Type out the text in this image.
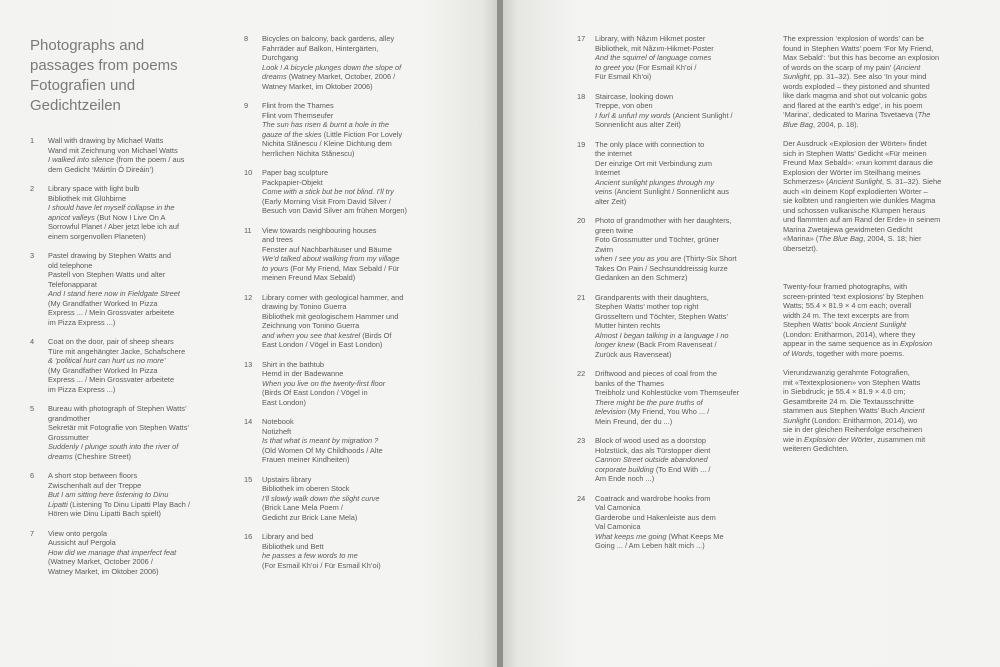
Photographs and
passages from poems
Fotografien und
Gedichtzeilen
1	Wall with drawing by Michael Watts
Wand mit Zeichnung von Michael Watts
I walked into silence (from the poem / aus
dem Gedicht ‘Máirtín Ó Direáin’)
2	Library space with light bulb
Bibliothek mit Glühbirne
I should have let myself collapse in the
apricot valleys (But Now I Live On A
Sorrowful Planet / Aber jetzt lebe ich auf
einem sorgenvollen Planeten)
3	Pastel drawing by Stephen Watts and
old telephone
Pastell von Stephen Watts und alter
Telefonapparat
And I stand here now in Fieldgate Street
(My Grandfather Worked In Pizza
Express ... / Mein Grossvater arbeitete
im Pizza Express ...)
4	Coat on the door, pair of sheep shears
Türe mit angehängter Jacke, Schafschere
& ‘political hurt can hurt us no more’
(My Grandfather Worked In Pizza
Express ... / Mein Grossvater arbeitete
im Pizza Express ...)
5	Bureau with photograph of Stephen Watts’
grandmother
Sekretär mit Fotografie von Stephen Watts’
Grossmutter
Suddenly I plunge south into the river of
dreams (Cheshire Street)
6	A short stop between floors
Zwischenhalt auf der Treppe
But I am sitting here listening to Dinu
Lipatti (Listening To Dinu Lipatti Play Bach /
Hören wie Dinu Lipatti Bach spielt)
7	View onto pergola
Aussicht auf Pergola
How did we manage that imperfect feat
(Watney Market, October 2006 /
Watney Market, im Oktober 2006)
8	Bicycles on balcony, back gardens, alley
Fahrräder auf Balkon, Hintergärten,
Durchgang
Look ! A bicycle plunges down the slope of
dreams (Watney Market, October, 2006 /
Watney Market, im Oktober 2006)
9	Flint from the Thames
Flint vom Themseufer
The sun has risen & burnt a hole in the
gauze of the skies (Little Fiction For Lovely
Nichita Stănescu / Kleine Dichtung dem
herrlichen Nichita Stănescu)
10	Paper bag sculpture
Packpapier-Objekt
Come with a stick but be not blind. I’ll try
(Early Morning Visit From David Silver /
Besuch von David Silver am frühen Morgen)
11	View towards neighbouring houses
and trees
Fenster auf Nachbarhäuser und Bäume
We’d talked about walking from my village
to yours (For My Friend, Max Sebald / Für
meinen Freund Max Sebald)
12	Library corner with geological hammer, and
drawing by Tonino Guerra
Bibliothek mit geologischem Hammer und
Zeichnung von Tonino Guerra
and when you see that kestrel (Birds Of
East London / Vögel in East London)
13	Shirt in the bathtub
Hemd in der Badewanne
When you live on the twenty-first floor
(Birds Of East London / Vögel in
East London)
14	Notebook
Notizheft
Is that what is meant by migration ?
(Old Women Of My Childhoods / Alte
Frauen meiner Kindheiten)
15	Upstairs library
Bibliothek im oberen Stock
I’ll slowly walk down the slight curve
(Brick Lane Mela Poem /
Gedicht zur Brick Lane Mela)
16	Library and bed
Bibliothek und Bett
he passes a few words to me
(For Esmail Kh’oi / Für Esmail Kh’oi)
17	Library, with Nâzım Hikmet poster
Bibliothek, mit Nâzım-Hikmet-Poster
And the squirrel of language comes
to greet you (For Esmail Kh’oi /
Für Esmail Kh’oi)
18	Staircase, looking down
Treppe, von oben
I furl & unfurl my words (Ancient Sunlight /
Sonnenlicht aus alter Zeit)
19	The only place with connection to
the internet
Der einzige Ort mit Verbindung zum
Internet
Ancient sunlight plunges through my
veins (Ancient Sunlight / Sonnenlicht aus
alter Zeit)
20	Photo of grandmother with her daughters,
green twine
Foto Grossmutter und Töchter, grüner
Zwirn
when I see you as you are (Thirty-Six Short
Takes On Pain / Sechsunddreissig kurze
Gedanken an den Schmerz)
21	Grandparents with their daughters,
Stephen Watts’ mother top right
Grosseltern und Töchter, Stephen Watts’
Mutter hinten rechts
Almost I began talking in a language I no
longer knew (Back From Ravenseat /
Zurück aus Ravenseat)
22	Driftwood and pieces of coal from the
banks of the Thames
Treibholz und Kohlestücke vom Themseufer
There might be the pure truths of
television (My Friend, You Who ... /
Mein Freund, der du ...)
23	Block of wood used as a doorstop
Holzstück, das als Türstopper dient
Cannon Street outside abandoned
corporate building (To End With ... /
Am Ende noch ...)
24	Coatrack and wardrobe hooks from
Val Camonica
Garderobe und Hakenleiste aus dem
Val Camonica
What keeps me going (What Keeps Me
Going ... / Am Leben hält mich ...)
The expression ‘explosion of words’ can be
found in Stephen Watts’ poem ‘For My Friend,
Max Sebald’: ‘but this has become an explosion
of words on the scarp of my pain’ (Ancient
Sunlight, pp. 31–32). See also ‘In your mind
words exploded – they pistoned and shunted
like dark magma and shot out volcanic gobs
and flared at the earth’s edge’, in his poem
‘Marina’, dedicated to Marina Tsvetaeva (The
Blue Bag, 2004, p. 18).
Der Ausdruck «Explosion der Wörter» findet
sich in Stephen Watts’ Gedicht «Für meinen
Freund Max Sebald»: «nun kommt daraus die
Explosion der Wörter im Steilhang meines
Schmerzes» (Ancient Sunlight, S. 31–32). Siehe
auch «In deinem Kopf explodierten Wörter –
sie kolbten und rangierten wie dunkles Magma
und schossen vulkanische Klumpen heraus
und flammten auf am Rand der Erde» in seinem
Marina Zwetajewa gewidmeten Gedicht
«Marina» (The Blue Bag, 2004, S. 18; hier
übersetzt).
Twenty-four framed photographs, with
screen-printed ‘text explosions’ by Stephen
Watts; 55.4 × 81.9 × 4 cm each; overall
width 24 m. The text excerpts are from
Stephen Watts’ book Ancient Sunlight
(London: Enitharmon, 2014), where they
appear in the same sequence as in Explosion
of Words, together with more poems.
Vierundzwanzig gerahmte Fotografien,
mit «Textexplosionen» von Stephen Watts
in Siebdruck; je 55.4 × 81.9 × 4.0 cm;
Gesamtbreite 24 m. Die Textausschnitte
stammen aus Stephen Watts’ Buch Ancient
Sunlight (London: Enitharmon, 2014), wo
sie in der gleichen Reihenfolge erscheinen
wie in Explosion der Wörter, zusammen mit
weiteren Gedichten.
